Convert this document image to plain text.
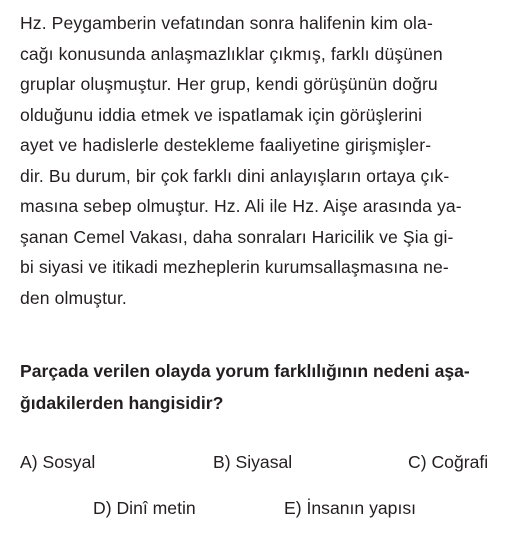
Hz. Peygamberin vefatından sonra halifenin kim ola-
cağı konusunda anlaşmazlıklar çıkmış, farklı düşünen
gruplar oluşmuştur. Her grup, kendi görüşünün doğru
olduğunu iddia etmek ve ispatlamak için görüşlerini
ayet ve hadislerle destekleme faaliyetine girişmişler-
dir. Bu durum, bir çok farklı dini anlayışların ortaya çık-
masına sebep olmuştur. Hz. Ali ile Hz. Aişe arasında ya-
şanan Cemel Vakası, daha sonraları Haricilik ve Şia gi-
bi siyasi ve itikadi mezheplerin kurumsallaşmasına ne-
den olmuştur.
Parçada verilen olayda yorum farklılığının nedeni aşa-
ğıdakilerden hangisidir?
A) Sosyal	B) Siyasal	C) Coğrafi
D) Dinî metin	E) İnsanın yapısı
